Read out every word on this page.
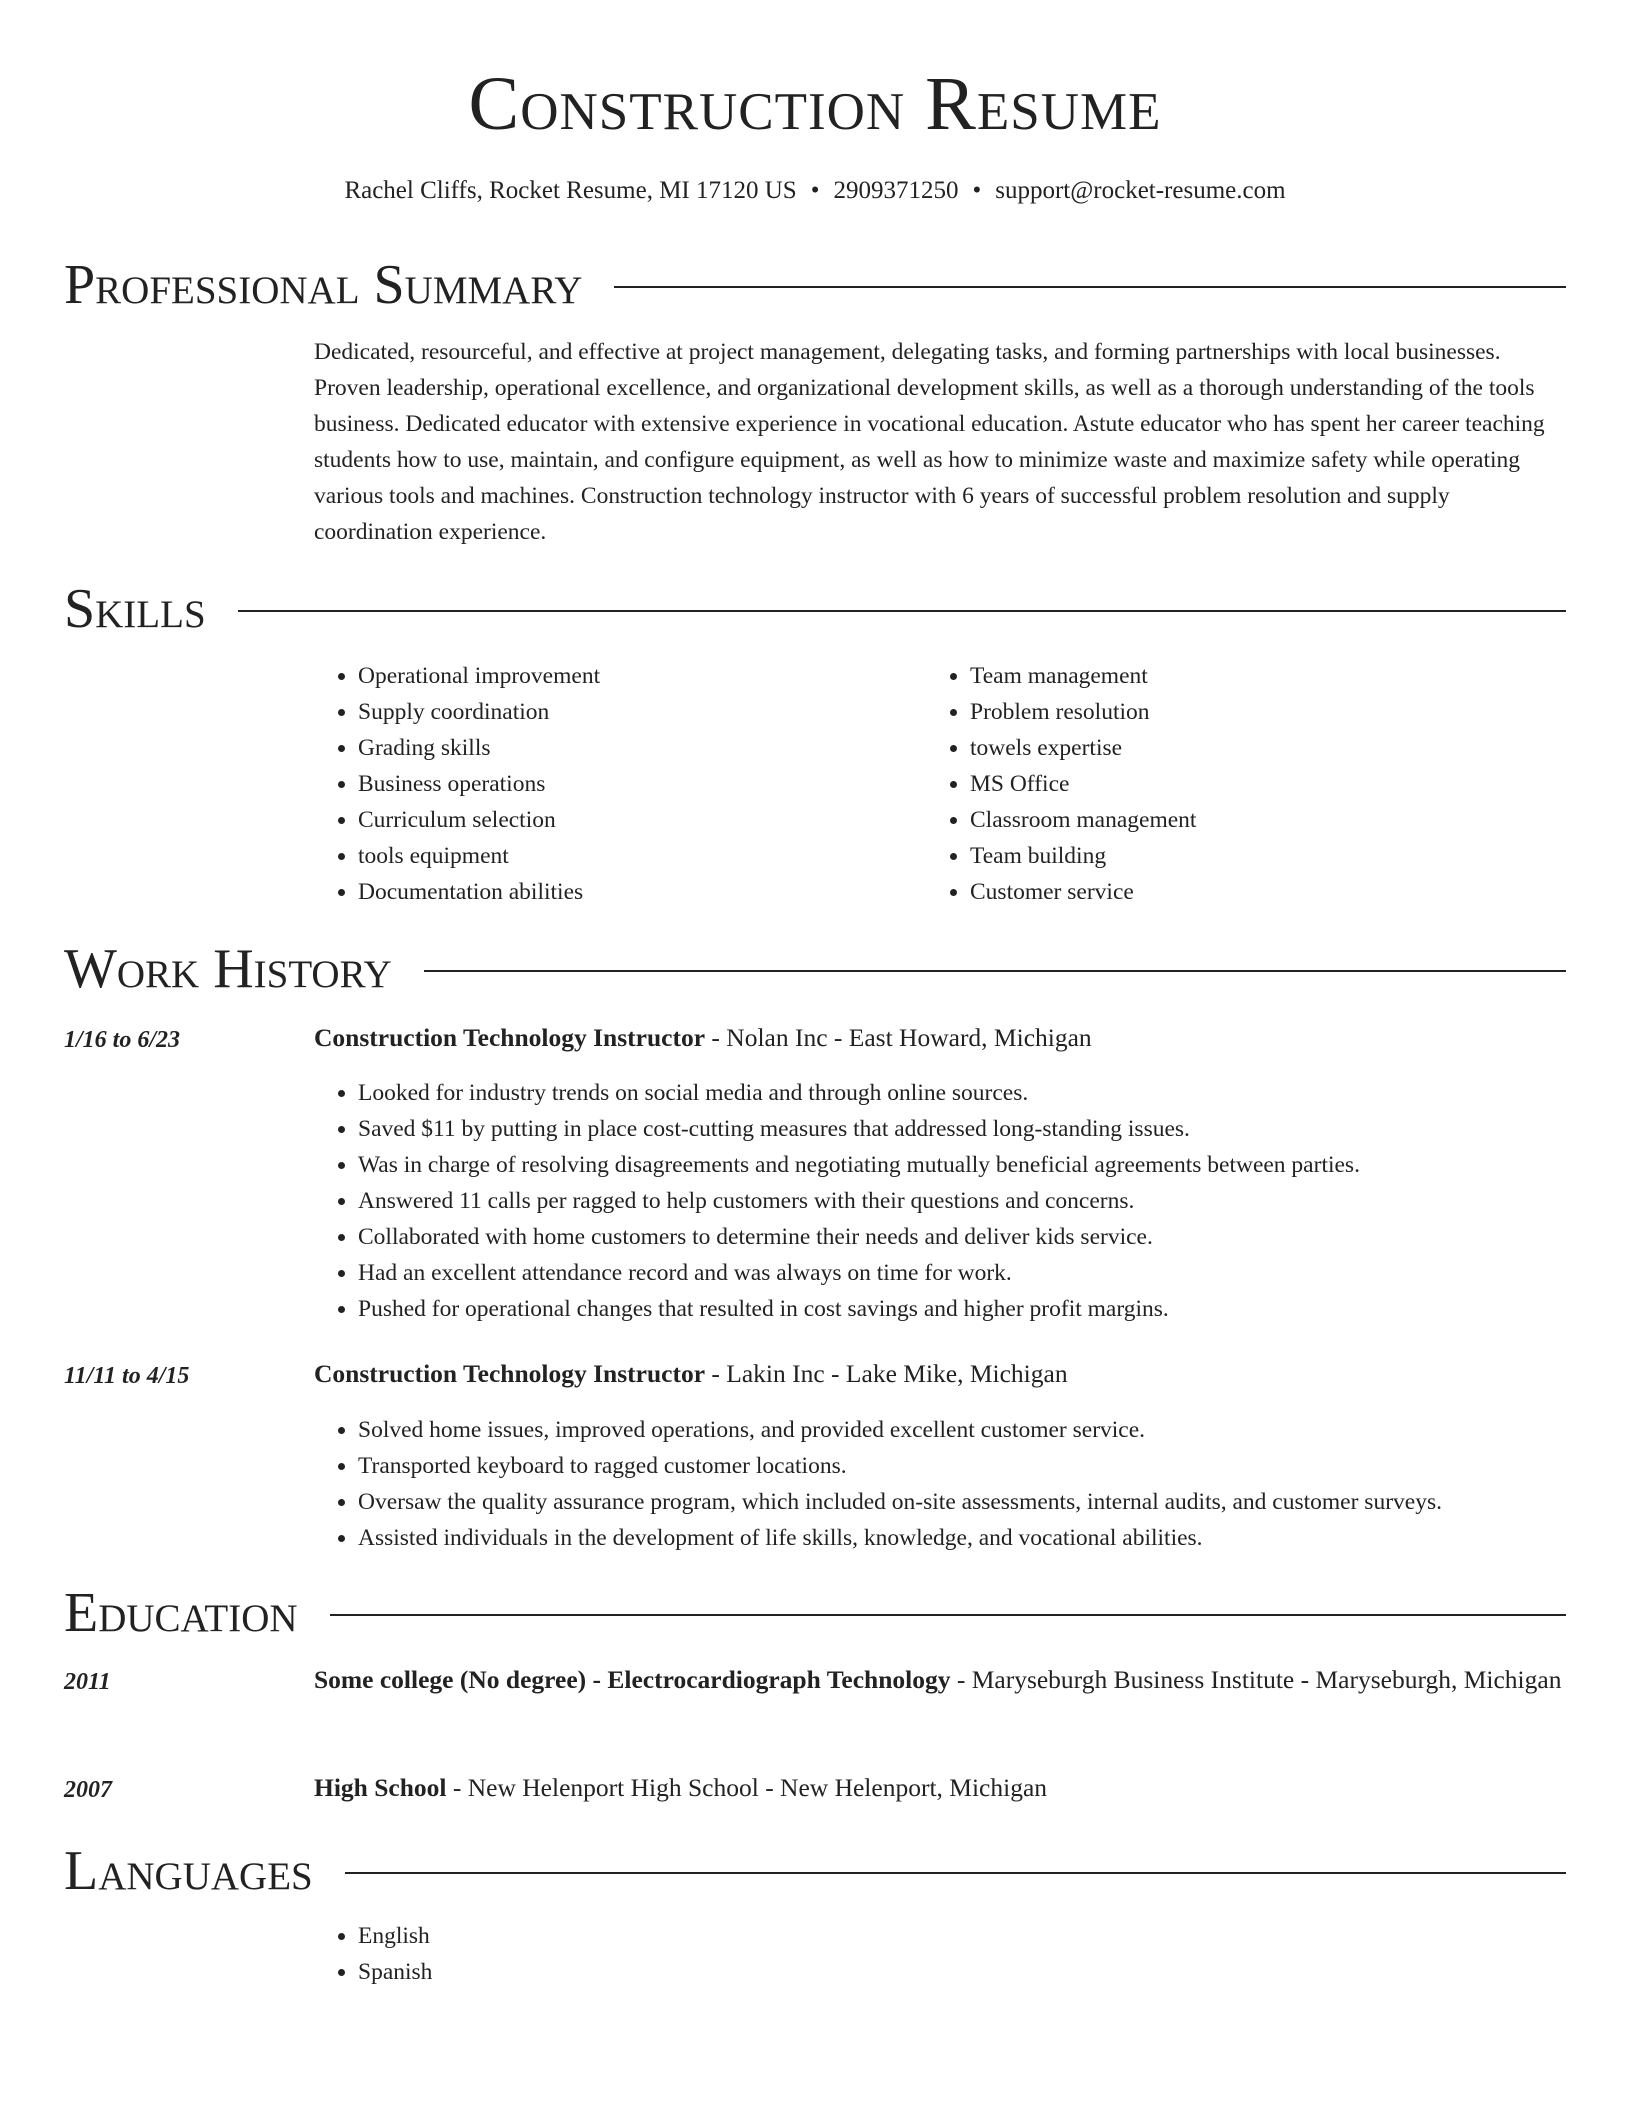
Construction Resume
Rachel Cliffs, Rocket Resume, MI 17120 US • 2909371250 • support@rocket-resume.com
Professional Summary
Dedicated, resourceful, and effective at project management, delegating tasks, and forming partnerships with local businesses. Proven leadership, operational excellence, and organizational development skills, as well as a thorough understanding of the tools business. Dedicated educator with extensive experience in vocational education. Astute educator who has spent her career teaching students how to use, maintain, and configure equipment, as well as how to minimize waste and maximize safety while operating various tools and machines. Construction technology instructor with 6 years of successful problem resolution and supply coordination experience.
Skills
• Operational improvement
• Supply coordination
• Grading skills
• Business operations
• Curriculum selection
• tools equipment
• Documentation abilities
• Team management
• Problem resolution
• towels expertise
• MS Office
• Classroom management
• Team building
• Customer service
Work History
1/16 to 6/23	Construction Technology Instructor - Nolan Inc - East Howard, Michigan
• Looked for industry trends on social media and through online sources.
• Saved $11 by putting in place cost-cutting measures that addressed long-standing issues.
• Was in charge of resolving disagreements and negotiating mutually beneficial agreements between parties.
• Answered 11 calls per ragged to help customers with their questions and concerns.
• Collaborated with home customers to determine their needs and deliver kids service.
• Had an excellent attendance record and was always on time for work.
• Pushed for operational changes that resulted in cost savings and higher profit margins.
11/11 to 4/15	Construction Technology Instructor - Lakin Inc - Lake Mike, Michigan
• Solved home issues, improved operations, and provided excellent customer service.
• Transported keyboard to ragged customer locations.
• Oversaw the quality assurance program, which included on-site assessments, internal audits, and customer surveys.
• Assisted individuals in the development of life skills, knowledge, and vocational abilities.
Education
2011	Some college (No degree) - Electrocardiograph Technology - Maryseburgh Business Institute - Maryseburgh, Michigan
2007	High School - New Helenport High School - New Helenport, Michigan
Languages
• English
• Spanish
